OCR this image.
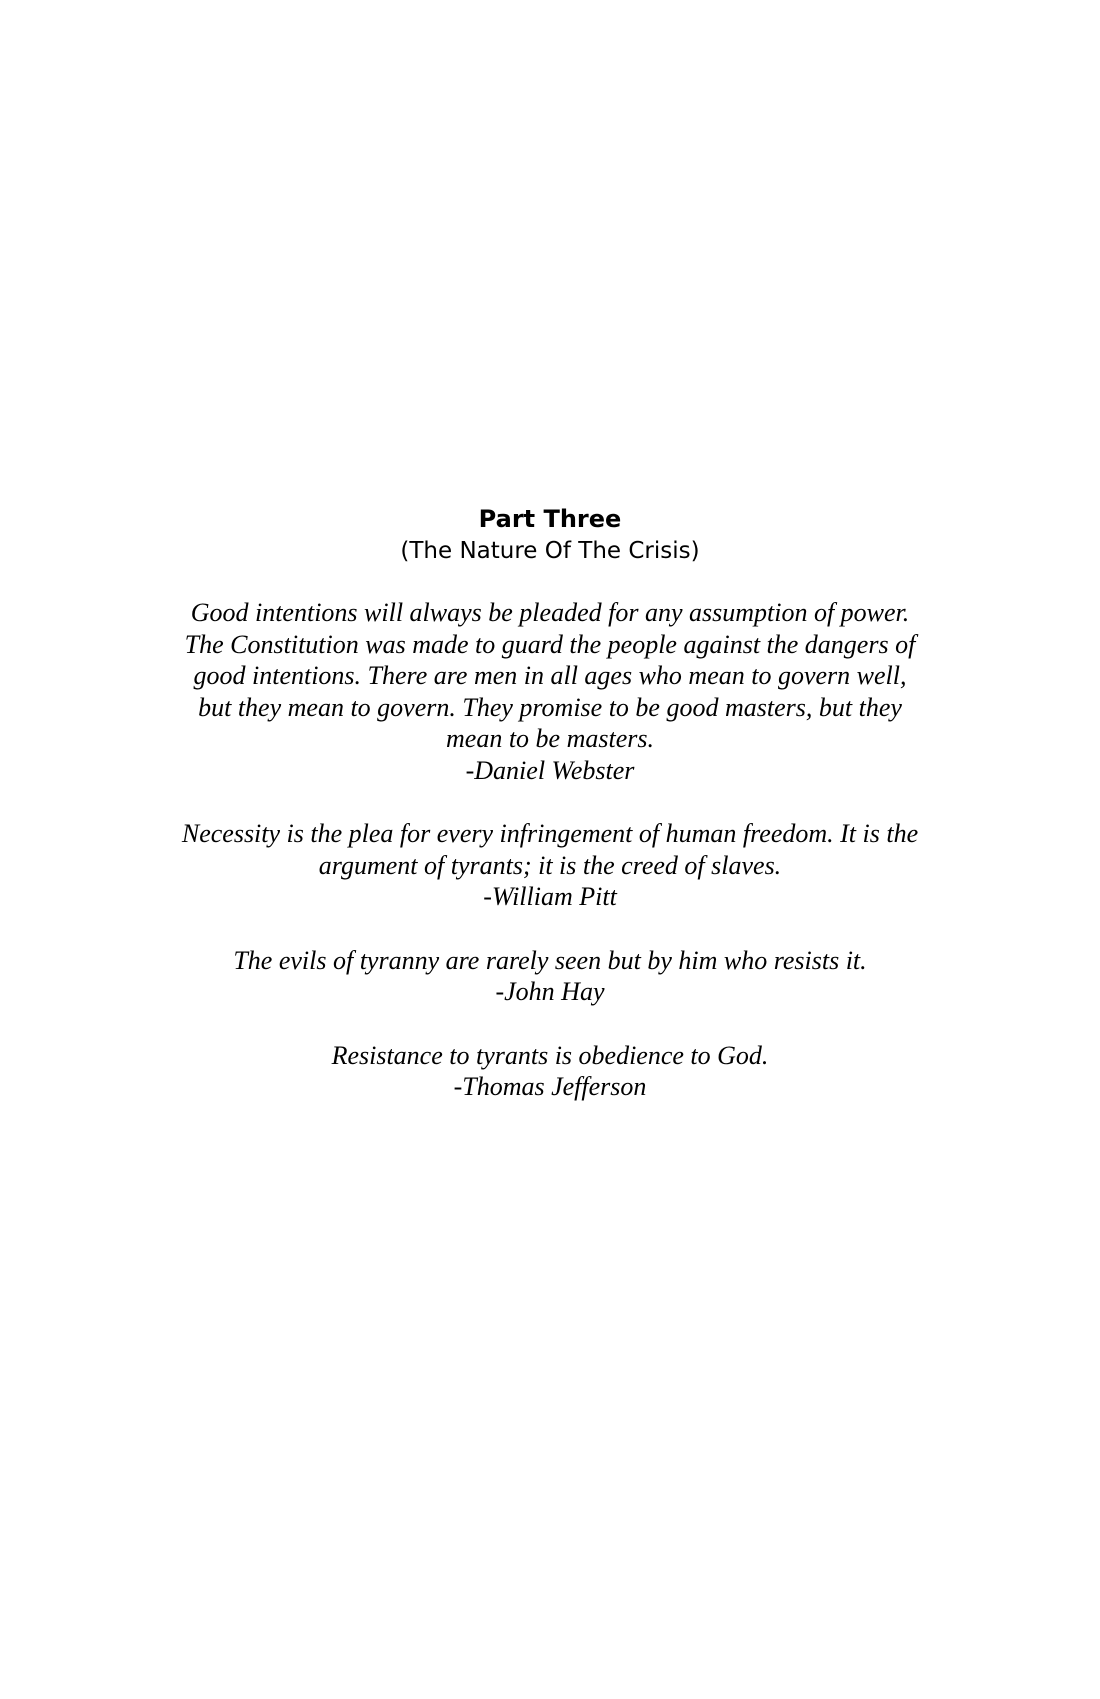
Part Three

(The Nature Of The Crisis)

Good intentions will always be pleaded for any assumption of power.
The Constitution was made to guard the people against the dangers of
good intentions. There are men in all ages who mean to govern well,
but they mean to govern. They promise to be good masters, but they
mean to be masters.
-Daniel Webster
Necessity is the plea for every infringement of human freedom. It is the
argument of tyrants; it is the creed of slaves.
-William Pitt
The evils of tyranny are rarely seen but by him who resists it.
-John Hay
Resistance to tyrants is obedience to God.
-Thomas Jefferson
